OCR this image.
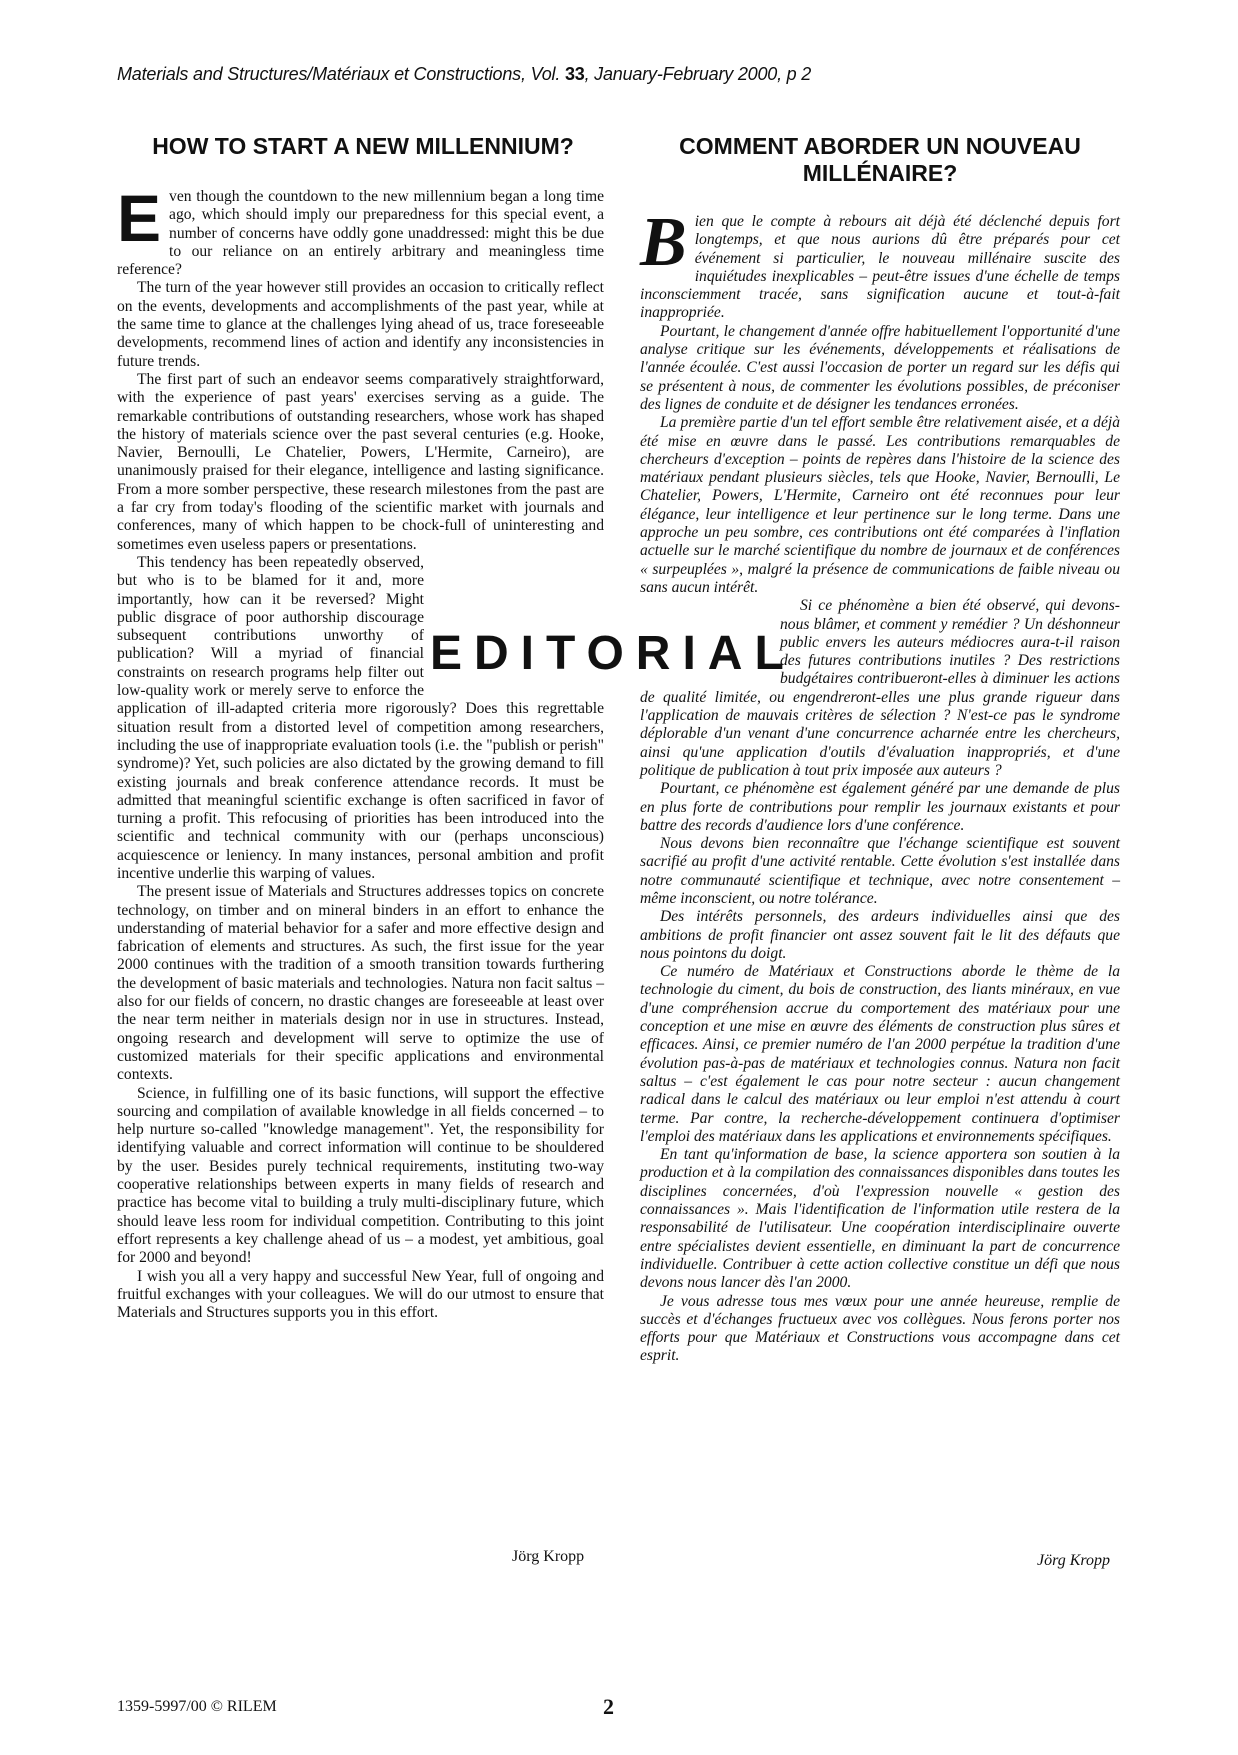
Materials and Structures/Matériaux et Constructions, Vol. 33, January-February 2000, p 2
HOW TO START A NEW MILLENNIUM?	COMMENT ABORDER UN NOUVEAU
MILLÉNAIRE?

Even though the countdown to the new millennium began a long time ago, which should imply our preparedness for this special event, a number of concerns have oddly gone unaddressed: might this be due to our reliance on an entirely arbitrary and meaningless time reference?

The turn of the year however still provides an occasion to critically reflect on the events, developments and accomplishments of the past year, while at the same time to glance at the challenges lying ahead of us, trace foreseeable developments, recommend lines of action and identify any inconsistencies in future trends.

The first part of such an endeavor seems comparatively straightforward, with the experience of past years' exercises serving as a guide. The remarkable contributions of outstanding researchers, whose work has shaped the history of materials science over the past several centuries (e.g. Hooke, Navier, Bernoulli, Le Chatelier, Powers, L'Hermite, Carneiro), are unanimously praised for their elegance, intelligence and lasting significance. From a more somber perspective, these research milestones from the past are a far cry from today's flooding of the scientific market with journals and conferences, many of which happen to be chock-full of uninteresting and sometimes even useless papers or presentations.

This tendency has been repeatedly observed, but who is to be blamed for it and, more importantly, how can it be reversed? Might public disgrace of poor authorship discourage subsequent contributions unworthy of publication? Will a myriad of financial constraints on research programs help filter out low-quality work or merely serve to enforce the application of ill-adapted criteria more rigorously? Does this regrettable situation result from a distorted level of competition among researchers, including the use of inappropriate evaluation tools (i.e. the "publish or perish" syndrome)? Yet, such policies are also dictated by the growing demand to fill existing journals and break conference attendance records. It must be admitted that meaningful scientific exchange is often sacrificed in favor of turning a profit. This refocusing of priorities has been introduced into the scientific and technical community with our (perhaps unconscious) acquiescence or leniency. In many instances, personal ambition and profit incentive underlie this warping of values.

The present issue of Materials and Structures addresses topics on concrete technology, on timber and on mineral binders in an effort to enhance the understanding of material behavior for a safer and more effective design and fabrication of elements and structures. As such, the first issue for the year 2000 continues with the tradition of a smooth transition towards furthering the development of basic materials and technologies. Natura non facit saltus – also for our fields of concern, no drastic changes are foreseeable at least over the near term neither in materials design nor in use in structures. Instead, ongoing research and development will serve to optimize the use of customized materials for their specific applications and environmental contexts.

Science, in fulfilling one of its basic functions, will support the effective sourcing and compilation of available knowledge in all fields concerned – to help nurture so-called "knowledge management". Yet, the responsibility for identifying valuable and correct information will continue to be shouldered by the user. Besides purely technical requirements, instituting two-way cooperative relationships between experts in many fields of research and practice has become vital to building a truly multi-disciplinary future, which should leave less room for individual competition. Contributing to this joint effort represents a key challenge ahead of us – a modest, yet ambitious, goal for 2000 and beyond!

I wish you all a very happy and successful New Year, full of ongoing and fruitful exchanges with your colleagues. We will do our utmost to ensure that Materials and Structures supports you in this effort.

EDITORIAL

Bien que le compte à rebours ait déjà été déclenché depuis fort longtemps, et que nous aurions dû être préparés pour cet événement si particulier, le nouveau millénaire suscite des inquiétudes inexplicables – peut-être issues d'une échelle de temps inconsciemment tracée, sans signification aucune et tout-à-fait inappropriée.

Pourtant, le changement d'année offre habituellement l'opportunité d'une analyse critique sur les événements, développements et réalisations de l'année écoulée. C'est aussi l'occasion de porter un regard sur les défis qui se présentent à nous, de commenter les évolutions possibles, de préconiser des lignes de conduite et de désigner les tendances erronées.

La première partie d'un tel effort semble être relativement aisée, et a déjà été mise en œuvre dans le passé. Les contributions remarquables de chercheurs d'exception – points de repères dans l'histoire de la science des matériaux pendant plusieurs siècles, tels que Hooke, Navier, Bernoulli, Le Chatelier, Powers, L'Hermite, Carneiro ont été reconnues pour leur élégance, leur intelligence et leur pertinence sur le long terme. Dans une approche un peu sombre, ces contributions ont été comparées à l'inflation actuelle sur le marché scientifique du nombre de journaux et de conférences « surpeuplées », malgré la présence de communications de faible niveau ou sans aucun intérêt.

Si ce phénomène a bien été observé, qui devons-nous blâmer, et comment y remédier ? Un déshonneur public envers les auteurs médiocres aura-t-il raison des futures contributions inutiles ? Des restrictions budgétaires contribueront-elles à diminuer les actions de qualité limitée, ou engendreront-elles une plus grande rigueur dans l'application de mauvais critères de sélection ? N'est-ce pas le syndrome déplorable d'un venant d'une concurrence acharnée entre les chercheurs, ainsi qu'une application d'outils d'évaluation inappropriés, et d'une politique de publication à tout prix imposée aux auteurs ?

Pourtant, ce phénomène est également généré par une demande de plus en plus forte de contributions pour remplir les journaux existants et pour battre des records d'audience lors d'une conférence.

Nous devons bien reconnaître que l'échange scientifique est souvent sacrifié au profit d'une activité rentable. Cette évolution s'est installée dans notre communauté scientifique et technique, avec notre consentement – même inconscient, ou notre tolérance.

Des intérêts personnels, des ardeurs individuelles ainsi que des ambitions de profit financier ont assez souvent fait le lit des défauts que nous pointons du doigt.

Ce numéro de Matériaux et Constructions aborde le thème de la technologie du ciment, du bois de construction, des liants minéraux, en vue d'une compréhension accrue du comportement des matériaux pour une conception et une mise en œuvre des éléments de construction plus sûres et efficaces. Ainsi, ce premier numéro de l'an 2000 perpétue la tradition d'une évolution pas-à-pas de matériaux et technologies connus. Natura non facit saltus – c'est également le cas pour notre secteur : aucun changement radical dans le calcul des matériaux ou leur emploi n'est attendu à court terme. Par contre, la recherche-développement continuera d'optimiser l'emploi des matériaux dans les applications et environnements spécifiques.

En tant qu'information de base, la science apportera son soutien à la production et à la compilation des connaissances disponibles dans toutes les disciplines concernées, d'où l'expression nouvelle « gestion des connaissances ». Mais l'identification de l'information utile restera de la responsabilité de l'utilisateur. Une coopération interdisciplinaire ouverte entre spécialistes devient essentielle, en diminuant la part de concurrence individuelle. Contribuer à cette action collective constitue un défi que nous devons nous lancer dès l'an 2000.

Je vous adresse tous mes vœux pour une année heureuse, remplie de succès et d'échanges fructueux avec vos collègues. Nous ferons porter nos efforts pour que Matériaux et Constructions vous accompagne dans cet esprit.

Jörg Kropp	Jörg Kropp
1359-5997/00 © RILEM	2
